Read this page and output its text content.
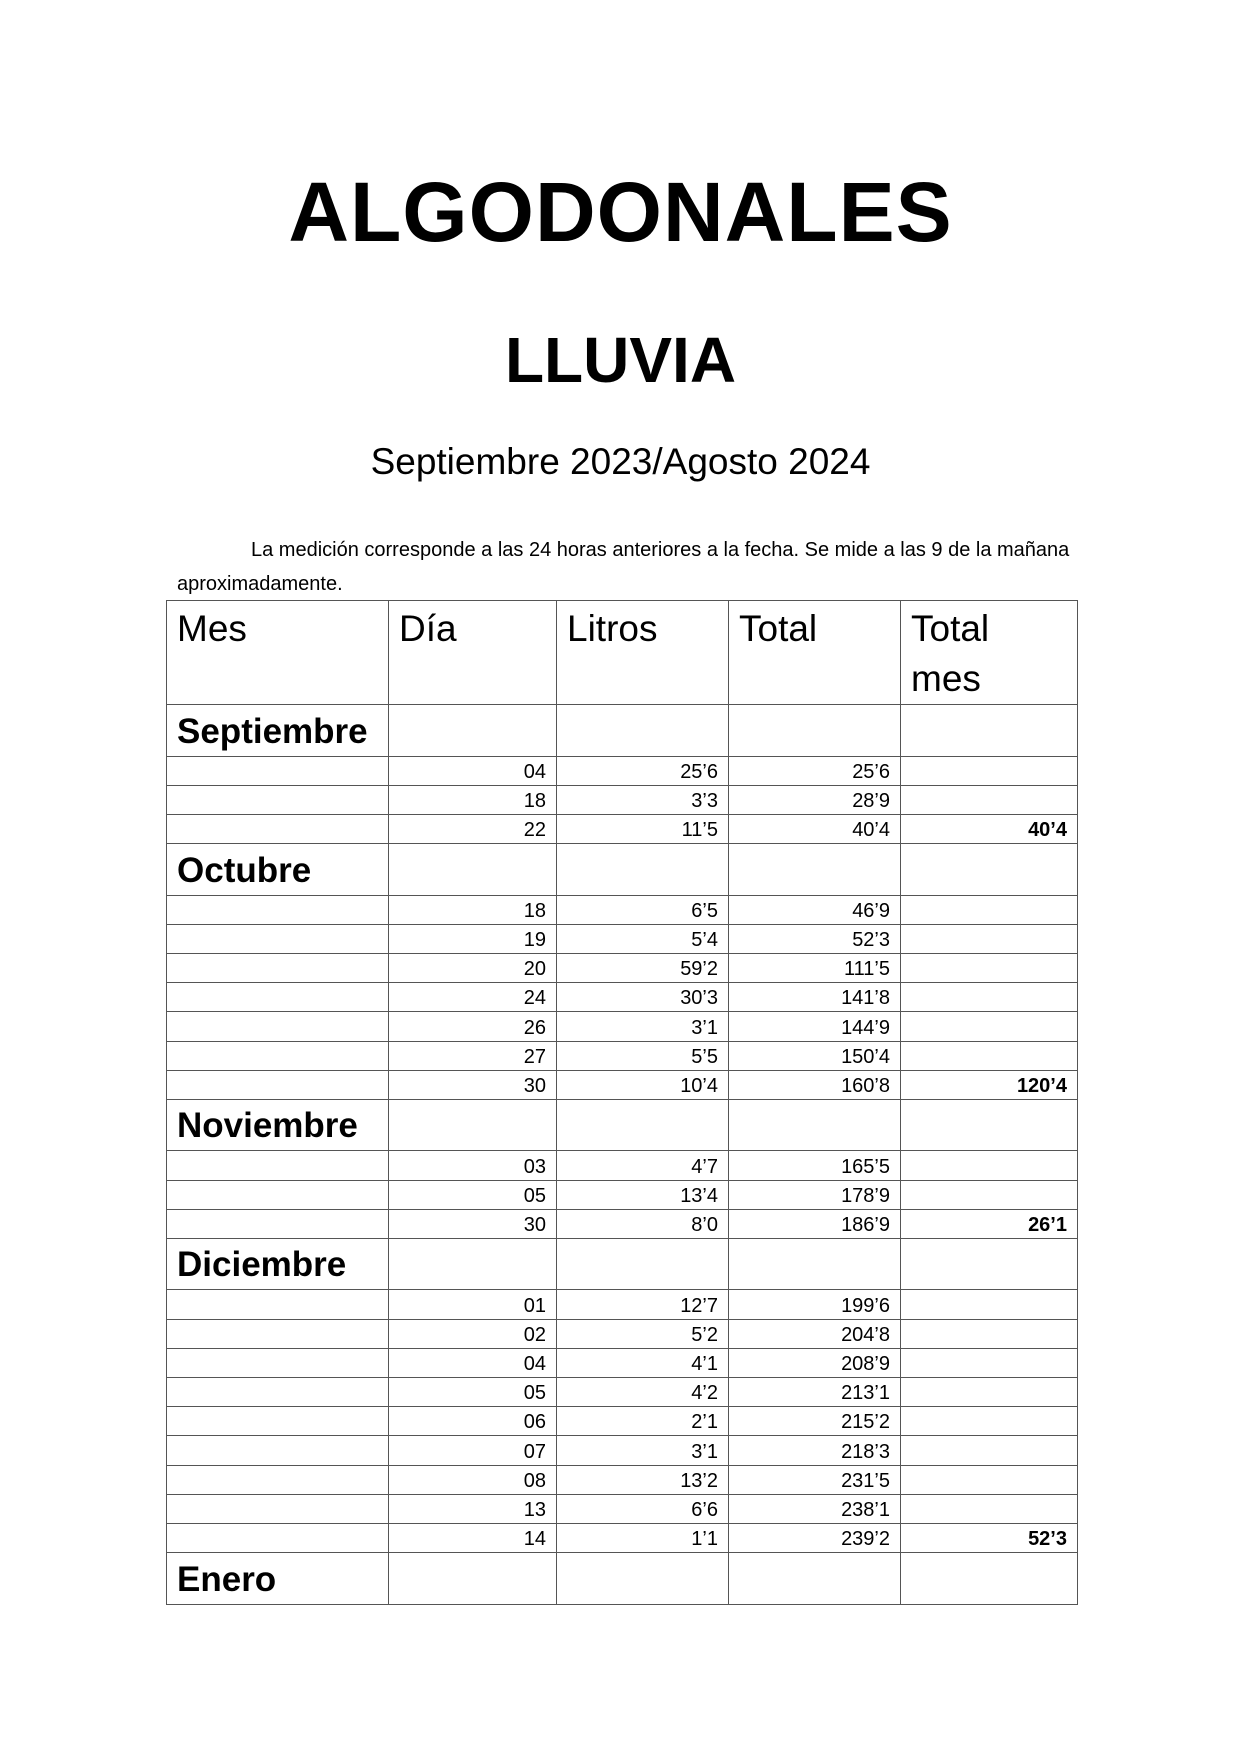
ALGODONALES
LLUVIA
Septiembre 2023/Agosto 2024

La medición corresponde a las 24 horas anteriores a la fecha. Se mide a las 9 de la mañana aproximadamente.

Mes	Día	Litros	Total	Total mes
Septiembre				
	04	25’6	25’6	
	18	3’3	28’9	
	22	11’5	40’4	40’4
Octubre				
	18	6’5	46’9	
	19	5’4	52’3	
	20	59’2	111’5	
	24	30’3	141’8	
	26	3’1	144’9	
	27	5’5	150’4	
	30	10’4	160’8	120’4
Noviembre				
	03	4’7	165’5	
	05	13’4	178’9	
	30	8’0	186’9	26’1
Diciembre				
	01	12’7	199’6	
	02	5’2	204’8	
	04	4’1	208’9	
	05	4’2	213’1	
	06	2’1	215’2	
	07	3’1	218’3	
	08	13’2	231’5	
	13	6’6	238’1	
	14	1’1	239’2	52’3
Enero				
